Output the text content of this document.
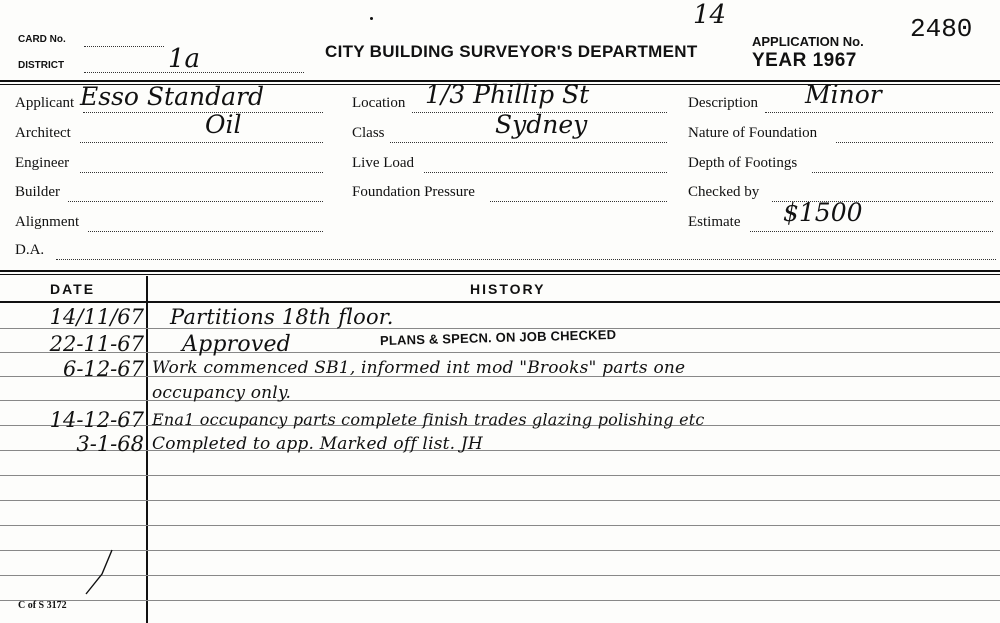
CARD No.
DISTRICT	1a	CITY BUILDING SURVEYOR'S DEPARTMENT
14
APPLICATION No. 2480
YEAR 1967
Applicant Esso Standard
Architect	Oil
Engineer
Builder
Alignment
D.A.
Location 1/3 Phillip St
Class	Sydney
Live Load
Foundation Pressure
Description Minor
Nature of Foundation
Depth of Footings
Checked by
Estimate $1500
DATE	HISTORY
14/11/67 Partitions 18th floor.
22-11-67 Approved	PLANS & SPECN. ON JOB CHECKED
6-12-67 Work commenced SB1, informed int mod "Brooks" parts one
occupancy only.
14-12-67 Ena1 occupancy parts complete finish trades glazing polishing etc
3-1-68 Completed to app. Marked off list. JH
C of S 3172
